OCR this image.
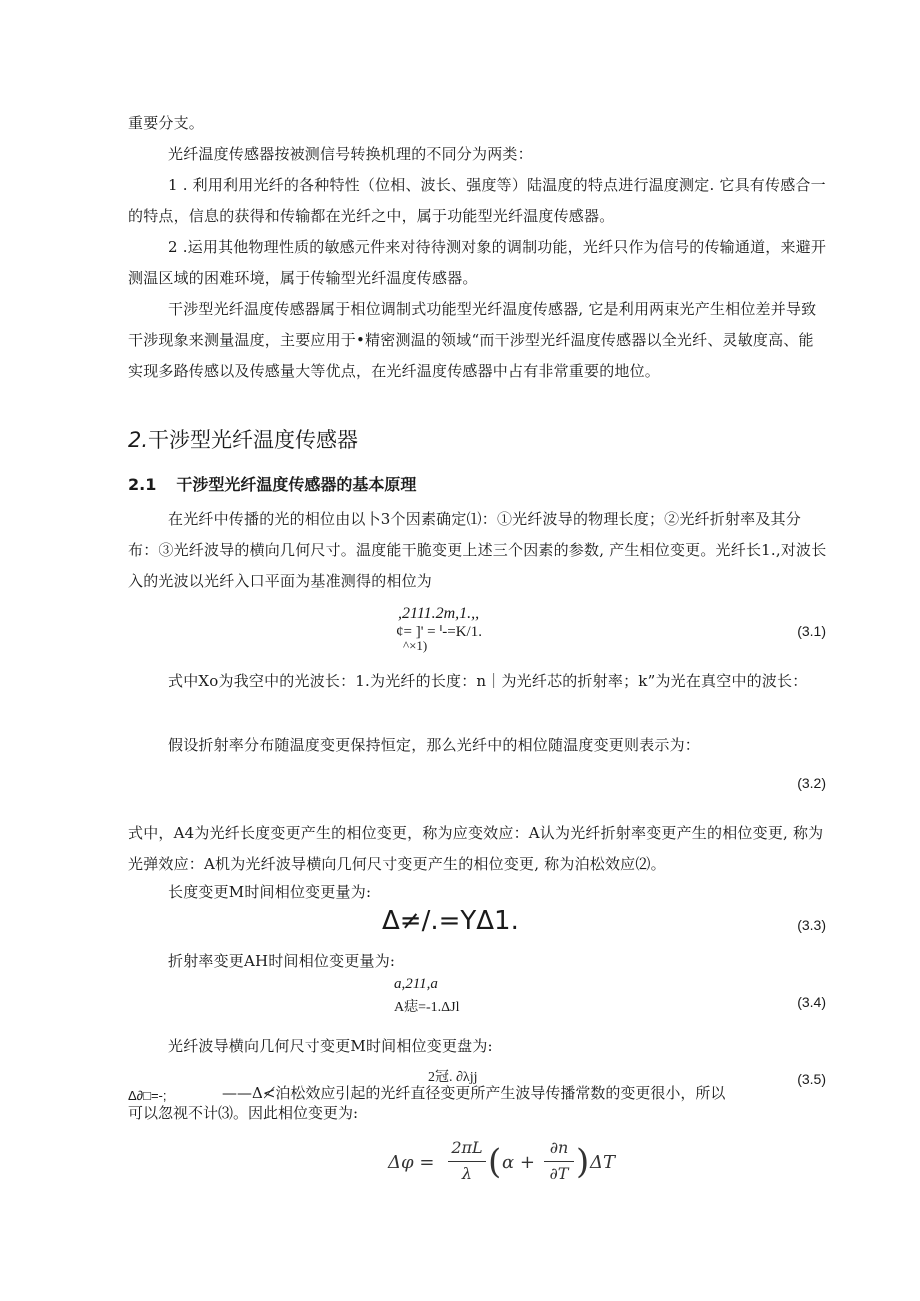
重要分支。

光纤温度传感器按被测信号转换机理的不同分为两类：

1 . 利用利用光纤的各种特性（位相、波长、强度等）陆温度的特点进行温度测定. 它具有传感合一的特点，信息的获得和传输都在光纤之中，属于功能型光纤温度传感器。

2 .运用其他物理性质的敏感元件来对待待测对象的调制功能，光纤只作为信号的传输通道，来避开测温区域的困难环境，属于传输型光纤温度传感器。

干涉型光纤温度传感器属于相位调制式功能型光纤温度传感器, 它是利用两束光产生相位差并导致干涉现象来测量温度，主要应用于•精密测温的领域“而干涉型光纤温度传感器以全光纤、灵敏度高、能实现多路传感以及传感量大等优点，在光纤温度传感器中占有非常重要的地位。

2.干涉型光纤温度传感器
2.1 干涉型光纤温度传感器的基本原理

在光纤中传播的光的相位由以卜3个因素确定⑴：①光纤波导的物理长度；②光纤折射率及其分布：③光纤波导的横向几何尺寸。温度能干脆变更上述三个因素的参数, 产生相位变更。光纤长1.,对波长入的光波以光纤入口平面为基准测得的相位为

,2111.2m,1.,,
¢= ]' = ᑊ-=K/1.
^×1)
(3.1)

式中Xo为我空中的光波长：1.为光纤的长度：n｜为光纤芯的折射率；k”为光在真空中的波长：

假设折射率分布随温度变更保持恒定，那么光纤中的相位随温度变更则表示为：

(3.2)

式中，A4为光纤长度变更产生的相位变更，称为应变效应：A认为光纤折射率变更产生的相位变更, 称为光弹效应：A机为光纤波导横向几何尺寸变更产生的相位变更, 称为泊松效应⑵。

长度变更M时间相位变更量为:

Δ≠/.=YΔ1.	(3.3)

折射率变更AH时间相位变更量为:

a,211,a
A痣=-1.ΔJl	(3.4)

光纤波导横向几何尺寸变更M时间相位变更盘为:

2冠. ∂λjj	(3.5)
Δ∂□=-;	——Δ≮泊松效应引起的光纤直径变更所产生波导传播常数的变更很小，所以
可以忽视不计⑶。因此相位变更为:
Δφ =
2πL
λ ( α +
∂n
∂T ) ΔT
